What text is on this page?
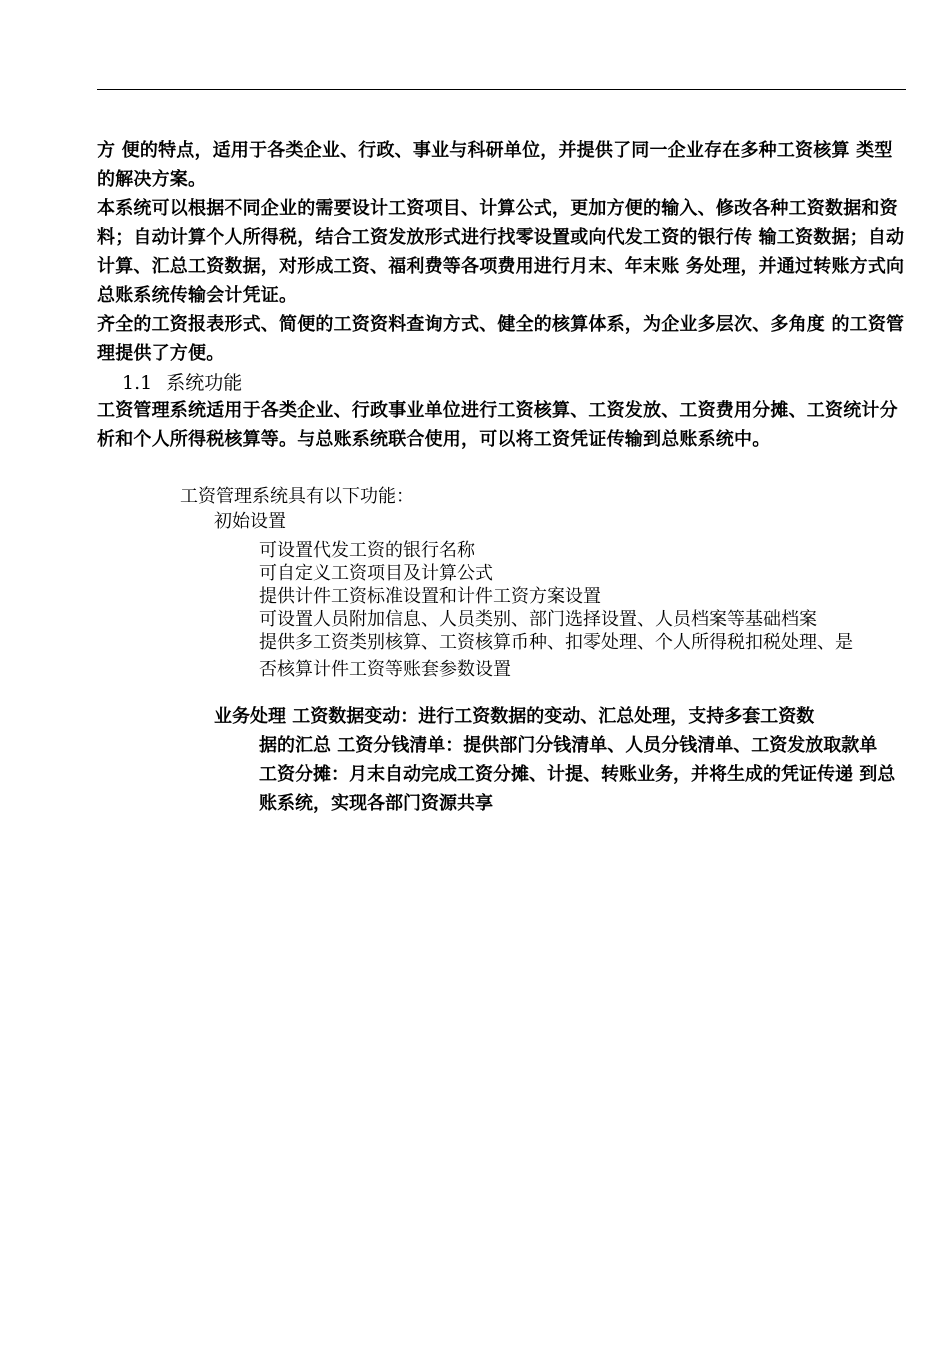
方 便的特点，适用于各类企业、行政、事业与科研单位，并提供了同一企业存在多种工资核算 类型的解决方案。

本系统可以根据不同企业的需要设计工资项目、计算公式，更加方便的输入、修改各种工资数据和资料；自动计算个人所得税，结合工资发放形式进行找零设置或向代发工资的银行传 输工资数据；自动计算、汇总工资数据，对形成工资、福利费等各项费用进行月末、年末账 务处理，并通过转账方式向总账系统传输会计凭证。

齐全的工资报表形式、简便的工资资料查询方式、健全的核算体系，为企业多层次、多角度 的工资管理提供了方便。

1.1 系统功能

工资管理系统适用于各类企业、行政事业单位进行工资核算、工资发放、工资费用分摊、工资统计分析和个人所得税核算等。与总账系统联合使用，可以将工资凭证传输到总账系统中。

工资管理系统具有以下功能：
初始设置
可设置代发工资的银行名称
可自定义工资项目及计算公式
提供计件工资标准设置和计件工资方案设置
可设置人员附加信息、人员类别、部门选择设置、人员档案等基础档案
提供多工资类别核算、工资核算币种、扣零处理、个人所得税扣税处理、是
否核算计件工资等账套参数设置
业务处理 工资数据变动：进行工资数据的变动、汇总处理，支持多套工资数

据的汇总 工资分钱清单：提供部门分钱清单、人员分钱清单、工资发放取款单 工资分摊：月末自动完成工资分摊、计提、转账业务，并将生成的凭证传递 到总账系统，实现各部门资源共享
